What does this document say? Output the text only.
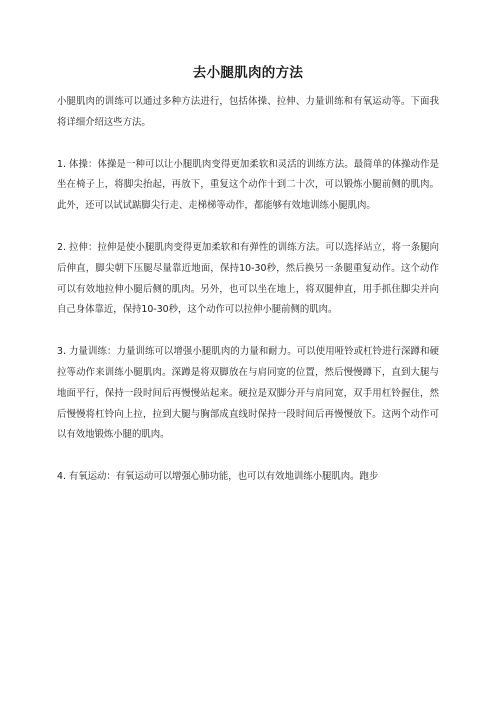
去小腿肌肉的方法

小腿肌肉的训练可以通过多种方法进行，包括体操、拉伸、力量训练和有氧运动等。下面我将详细介绍这些方法。

1. 体操：体操是一种可以让小腿肌肉变得更加柔软和灵活的训练方法。最简单的体操动作是坐在椅子上，将脚尖抬起，再放下，重复这个动作十到二十次，可以锻炼小腿前侧的肌肉。此外，还可以试试踮脚尖行走、走梯梯等动作，都能够有效地训练小腿肌肉。

2. 拉伸：拉伸是使小腿肌肉变得更加柔软和有弹性的训练方法。可以选择站立，将一条腿向后伸直，脚尖朝下压腿尽量靠近地面，保持10-30秒，然后换另一条腿重复动作。这个动作可以有效地拉伸小腿后侧的肌肉。另外，也可以坐在地上，将双腿伸直，用手抓住脚尖并向自己身体靠近，保持10-30秒，这个动作可以拉伸小腿前侧的肌肉。

3. 力量训练：力量训练可以增强小腿肌肉的力量和耐力。可以使用哑铃或杠铃进行深蹲和硬拉等动作来训练小腿肌肉。深蹲是将双脚放在与肩同宽的位置，然后慢慢蹲下，直到大腿与地面平行，保持一段时间后再慢慢站起来。硬拉是双脚分开与肩同宽，双手用杠铃握住，然后慢慢将杠铃向上拉，拉到大腿与胸部成直线时保持一段时间后再慢慢放下。这两个动作可以有效地锻炼小腿的肌肉。

4. 有氧运动：有氧运动可以增强心肺功能，也可以有效地训练小腿肌肉。跑步
